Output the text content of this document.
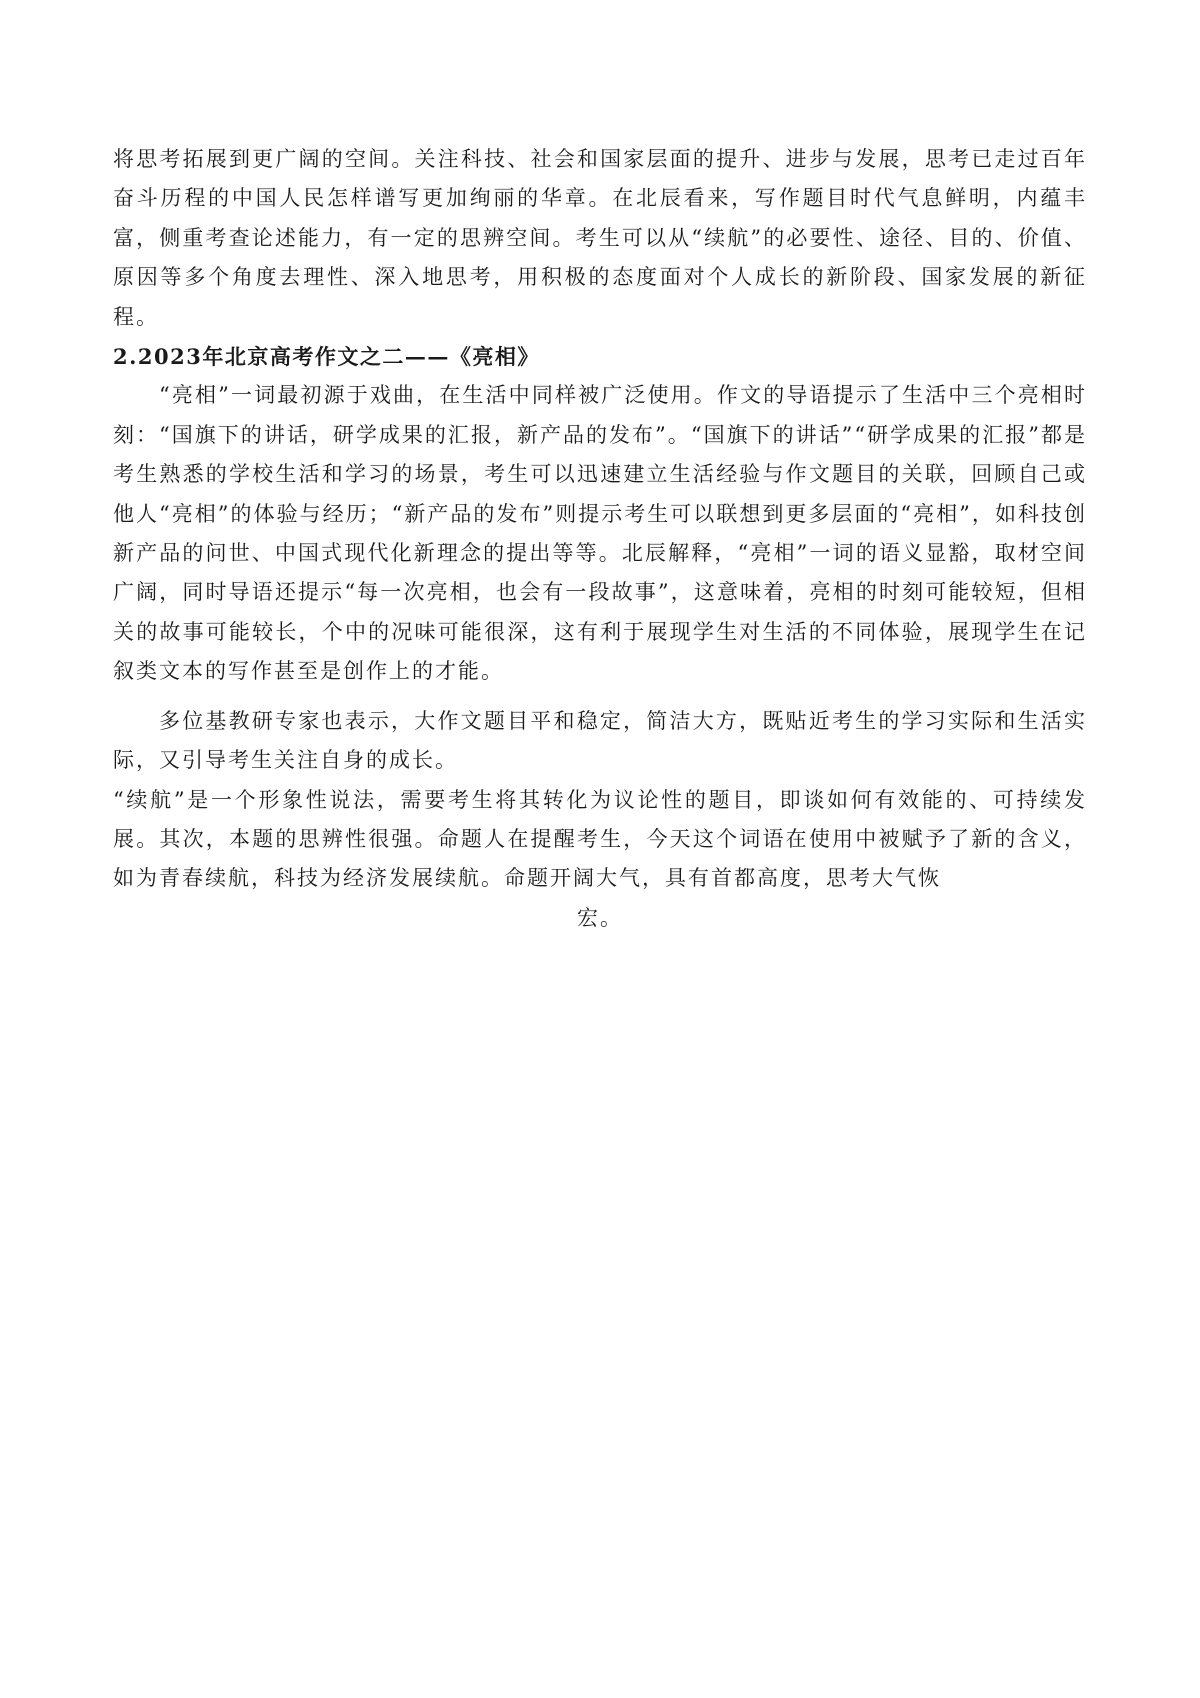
将思考拓展到更广阔的空间。关注科技、社会和国家层面的提升、进步与发展，思考已走过百年奋斗历程的中国人民怎样谱写更加绚丽的华章。在北辰看来，写作题目时代气息鲜明，内蕴丰富，侧重考查论述能力，有一定的思辨空间。考生可以从“续航”的必要性、途径、目的、价值、原因等多个角度去理性、深入地思考，用积极的态度面对个人成长的新阶段、国家发展的新征程。

2.2023年北京高考作文之二——《亮相》

“亮相”一词最初源于戏曲，在生活中同样被广泛使用。作文的导语提示了生活中三个亮相时刻：“国旗下的讲话，研学成果的汇报，新产品的发布”。“国旗下的讲话”“研学成果的汇报”都是考生熟悉的学校生活和学习的场景，考生可以迅速建立生活经验与作文题目的关联，回顾自己或他人“亮相”的体验与经历；“新产品的发布”则提示考生可以联想到更多层面的“亮相”，如科技创新产品的问世、中国式现代化新理念的提出等等。北辰解释，“亮相”一词的语义显豁，取材空间广阔，同时导语还提示“每一次亮相，也会有一段故事”，这意味着，亮相的时刻可能较短，但相关的故事可能较长，个中的况味可能很深，这有利于展现学生对生活的不同体验，展现学生在记叙类文本的写作甚至是创作上的才能。

多位基教研专家也表示，大作文题目平和稳定，简洁大方，既贴近考生的学习实际和生活实际，又引导考生关注自身的成长。

“续航”是一个形象性说法，需要考生将其转化为议论性的题目，即谈如何有效能的、可持续发展。其次，本题的思辨性很强。命题人在提醒考生，今天这个词语在使用中被赋予了新的含义，如为青春续航，科技为经济发展续航。命题开阔大气，具有首都高度，思考大气恢

宏。
